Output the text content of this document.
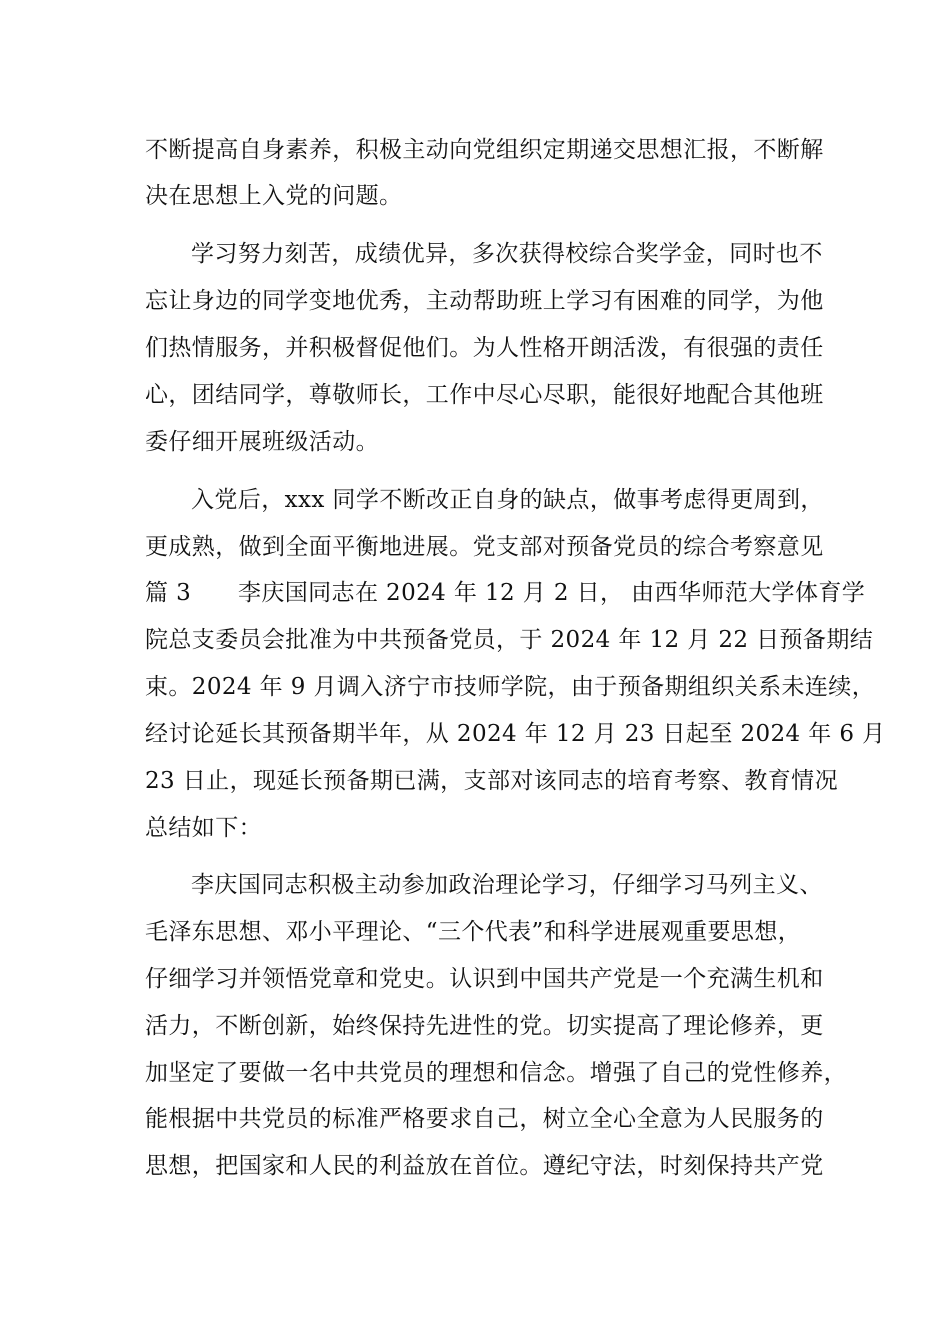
不断提高自身素养，积极主动向党组织定期递交思想汇报，不断解
决在思想上入党的问题。
学习努力刻苦，成绩优异，多次获得校综合奖学金，同时也不
忘让身边的同学变地优秀，主动帮助班上学习有困难的同学，为他
们热情服务，并积极督促他们。为人性格开朗活泼，有很强的责任
心，团结同学，尊敬师长，工作中尽心尽职，能很好地配合其他班
委仔细开展班级活动。
入党后，xxx 同学不断改正自身的缺点，做事考虑得更周到，
更成熟，做到全面平衡地进展。党支部对预备党员的综合考察意见
篇 3　　李庆国同志在 2024 年 12 月 2 日， 由西华师范大学体育学
院总支委员会批准为中共预备党员，于 2024 年 12 月 22 日预备期结
束。2024 年 9 月调入济宁市技师学院，由于预备期组织关系未连续，
经讨论延长其预备期半年，从 2024 年 12 月 23 日起至 2024 年 6 月
23 日止，现延长预备期已满，支部对该同志的培育考察、教育情况
总结如下：
李庆国同志积极主动参加政治理论学习，仔细学习马列主义、
毛泽东思想、邓小平理论、“三个代表”和科学进展观重要思想，
仔细学习并领悟党章和党史。认识到中国共产党是一个充满生机和
活力，不断创新，始终保持先进性的党。切实提高了理论修养，更
加坚定了要做一名中共党员的理想和信念。增强了自己的党性修养，
能根据中共党员的标准严格要求自己，树立全心全意为人民服务的
思想，把国家和人民的利益放在首位。遵纪守法，时刻保持共产党
